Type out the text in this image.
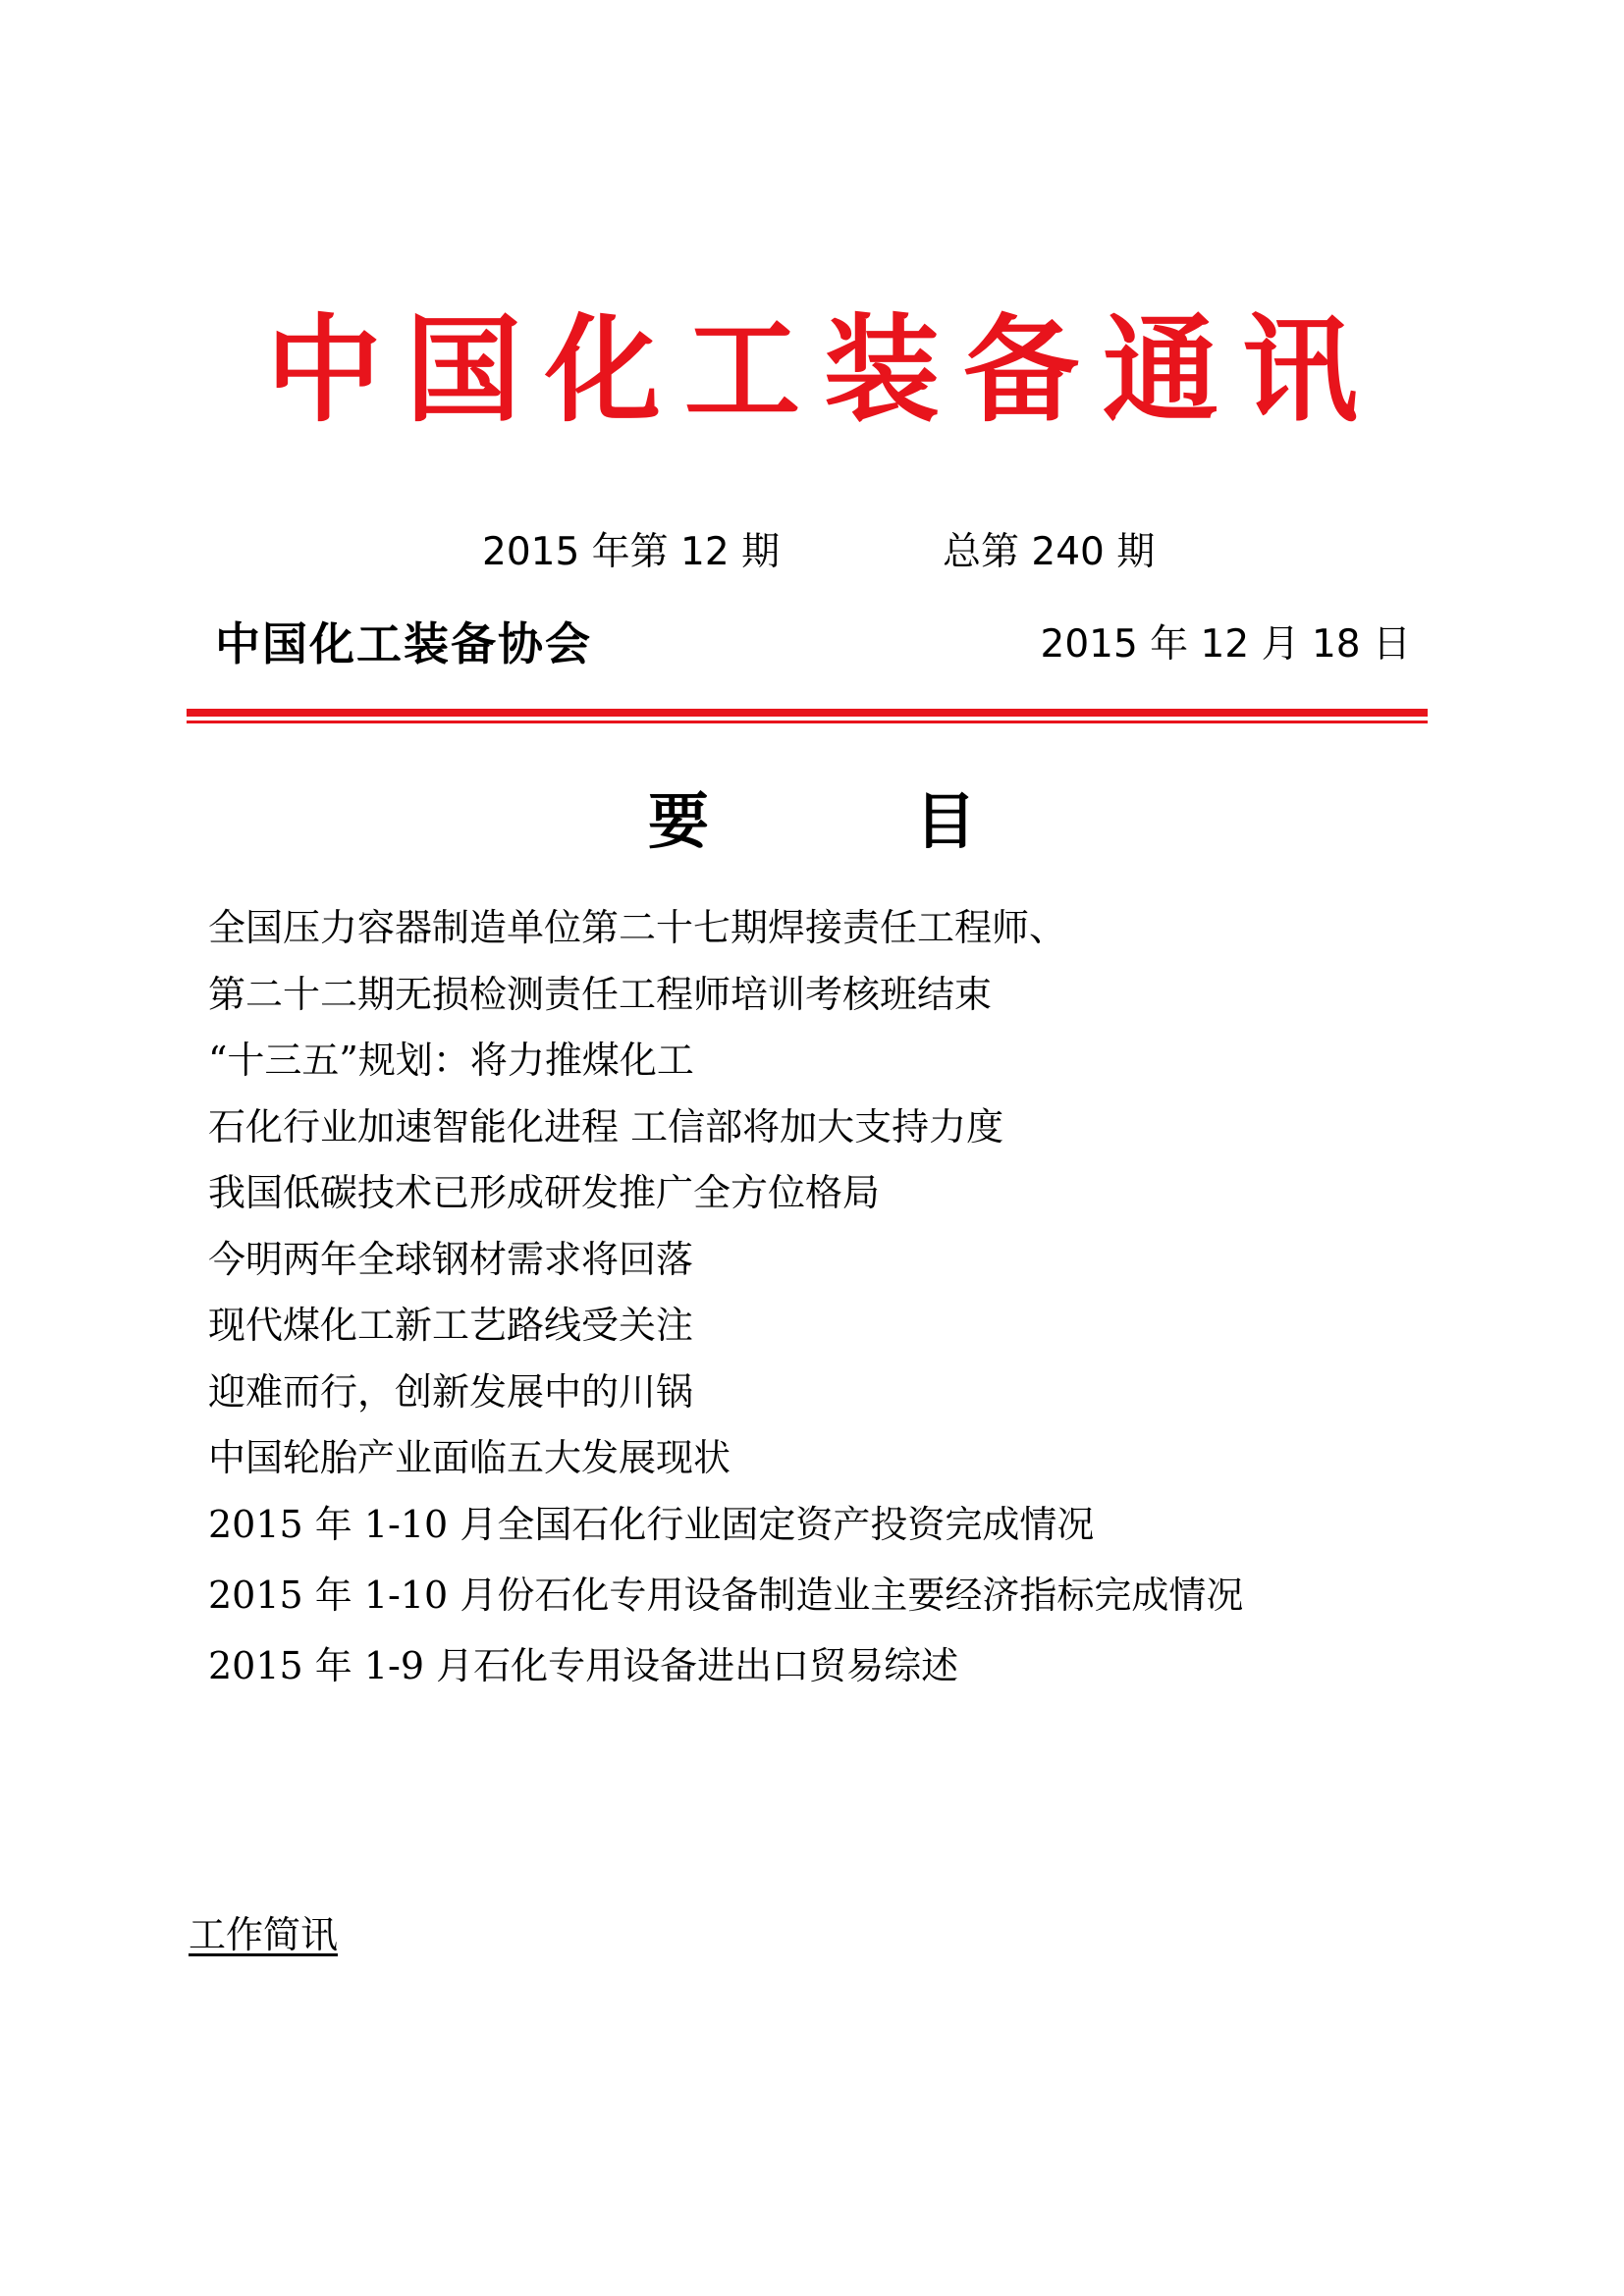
中国化工装备通讯
2015 年第 12 期	总第 240 期
中国化工装备协会	2015 年 12 月 18 日
要	目
全国压力容器制造单位第二十七期焊接责任工程师、
第二十二期无损检测责任工程师培训考核班结束
“十三五”规划：将力推煤化工
石化行业加速智能化进程 工信部将加大支持力度
我国低碳技术已形成研发推广全方位格局
今明两年全球钢材需求将回落
现代煤化工新工艺路线受关注
迎难而行，创新发展中的川锅
中国轮胎产业面临五大发展现状
2015 年 1-10 月全国石化行业固定资产投资完成情况
2015 年 1-10 月份石化专用设备制造业主要经济指标完成情况
2015 年 1-9 月石化专用设备进出口贸易综述
工作简讯
